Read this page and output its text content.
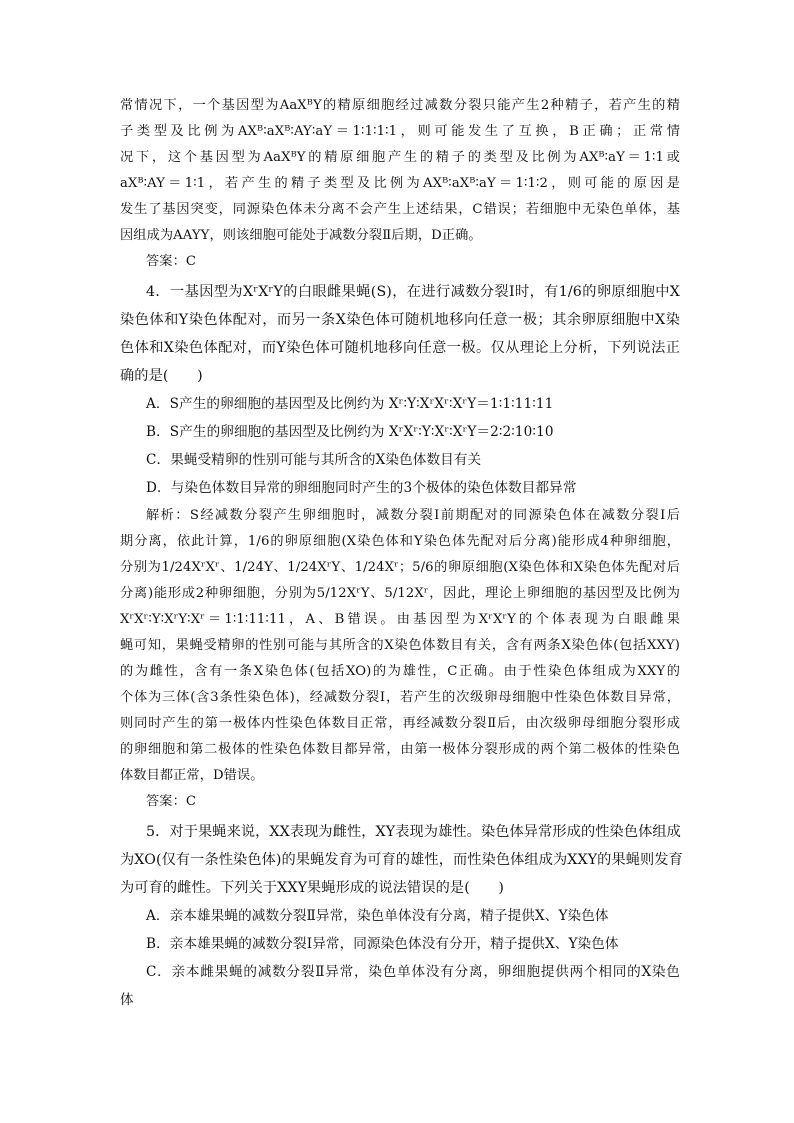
常情况下，一个基因型为AaXᴮY的精原细胞经过减数分裂只能产生2种精子，若产生的精
子类型及比例为AXᴮ∶aXᴮ∶AY∶aY＝1∶1∶1∶1，则可能发生了互换，B正确；正常情
况下，这个基因型为AaXᴮY的精原细胞产生的精子的类型及比例为AXᴮ∶aY＝1∶1或
aXᴮ∶AY＝1∶1，若产生的精子类型及比例为AXᴮ∶aXᴮ∶aY＝1∶1∶2，则可能的原因是
发生了基因突变，同源染色体未分离不会产生上述结果，C错误；若细胞中无染色单体，基
因组成为AAYY，则该细胞可能处于减数分裂Ⅱ后期，D正确。
答案：C
4．一基因型为XʳXʳY的白眼雌果蝇(S)，在进行减数分裂Ⅰ时，有1/6的卵原细胞中X
染色体和Y染色体配对，而另一条X染色体可随机地移向任意一极；其余卵原细胞中X染
色体和X染色体配对，而Y染色体可随机地移向任意一极。仅从理论上分析，下列说法正
确的是(　　)
A．S产生的卵细胞的基因型及比例约为 Xʳ∶Y∶XʳXʳ∶XʳY＝1∶1∶11∶11
B．S产生的卵细胞的基因型及比例约为 XʳXʳ∶Y∶Xʳ∶XʳY＝2∶2∶10∶10
C．果蝇受精卵的性别可能与其所含的X染色体数目有关
D．与染色体数目异常的卵细胞同时产生的3个极体的染色体数目都异常
解析：S经减数分裂产生卵细胞时，减数分裂Ⅰ前期配对的同源染色体在减数分裂Ⅰ后
期分离，依此计算，1/6的卵原细胞(X染色体和Y染色体先配对后分离)能形成4种卵细胞，
分别为1/24XʳXʳ、1/24Y、1/24XʳY、1/24Xʳ；5/6的卵原细胞(X染色体和X染色体先配对后
分离)能形成2种卵细胞，分别为5/12XʳY、5/12Xʳ，因此，理论上卵细胞的基因型及比例为
XʳXʳ∶Y∶XʳY∶Xʳ＝1∶1∶11∶11，A、B错误。由基因型为XʳXʳY的个体表现为白眼雌果
蝇可知，果蝇受精卵的性别可能与其所含的X染色体数目有关，含有两条X染色体(包括XXY)
的为雌性，含有一条X染色体(包括XO)的为雄性，C正确。由于性染色体组成为XXY的
个体为三体(含3条性染色体)，经减数分裂Ⅰ，若产生的次级卵母细胞中性染色体数目异常，
则同时产生的第一极体内性染色体数目正常，再经减数分裂Ⅱ后，由次级卵母细胞分裂形成
的卵细胞和第二极体的性染色体数目都异常，由第一极体分裂形成的两个第二极体的性染色
体数目都正常，D错误。
答案：C
5．对于果蝇来说，XX表现为雌性，XY表现为雄性。染色体异常形成的性染色体组成
为XO(仅有一条性染色体)的果蝇发育为可育的雄性，而性染色体组成为XXY的果蝇则发育
为可育的雌性。下列关于XXY果蝇形成的说法错误的是(　　)
A．亲本雄果蝇的减数分裂Ⅱ异常，染色单体没有分离，精子提供X、Y染色体
B．亲本雄果蝇的减数分裂Ⅰ异常，同源染色体没有分开，精子提供X、Y染色体
C．亲本雌果蝇的减数分裂Ⅱ异常，染色单体没有分离，卵细胞提供两个相同的X染色
体
